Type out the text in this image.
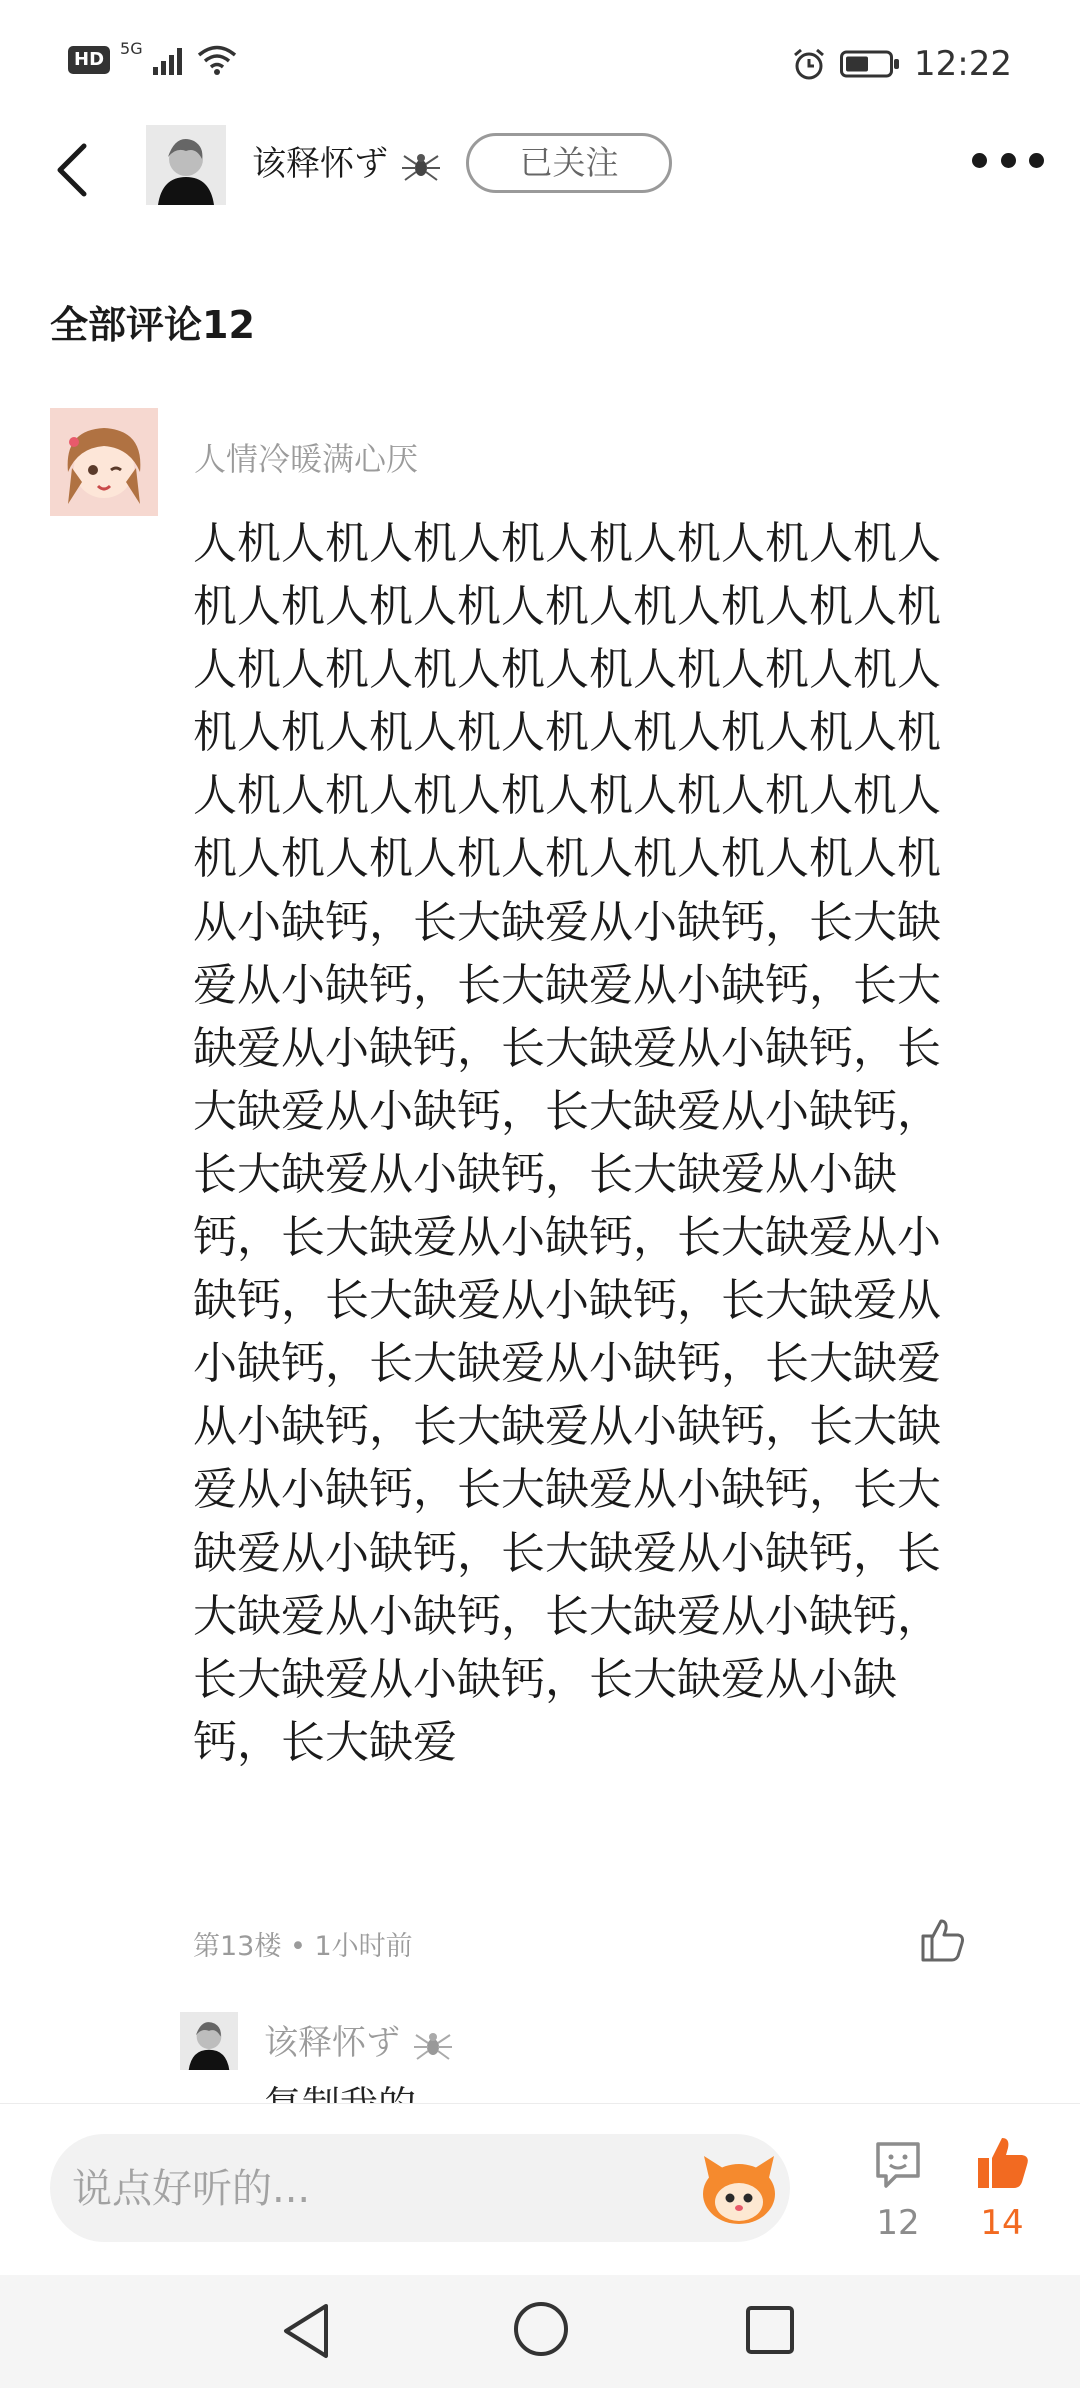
HD
5G	12:22
该释怀ず	已关注
全部评论12
人情冷暖满心厌

人机人机人机人机人机人机人机人机人机人机人机人机人机人机人机人机人机人机人机人机人机人机人机人机人机人机人机人机人机人机人机人机人机人机人机人机人机人机人机人机人机人机人机人机人机人机人机人机人机人机人机从小缺钙，长大缺爱从小缺钙，长大缺爱从小缺钙，长大缺爱从小缺钙，长大缺爱从小缺钙，长大缺爱从小缺钙，长大缺爱从小缺钙，长大缺爱从小缺钙，长大缺爱从小缺钙，长大缺爱从小缺钙，长大缺爱从小缺钙，长大缺爱从小缺钙，长大缺爱从小缺钙，长大缺爱从小缺钙，长大缺爱从小缺钙，长大缺爱从小缺钙，长大缺爱从小缺钙，长大缺爱从小缺钙，长大缺爱从小缺钙，长大缺爱从小缺钙，长大缺爱从小缺钙，长大缺爱从小缺钙，长大缺爱从小缺钙，长大缺爱从小缺钙，长大缺爱从小缺钙，长大缺爱

第13楼 • 1小时前
该释怀ず
说点好听的...
12	14
